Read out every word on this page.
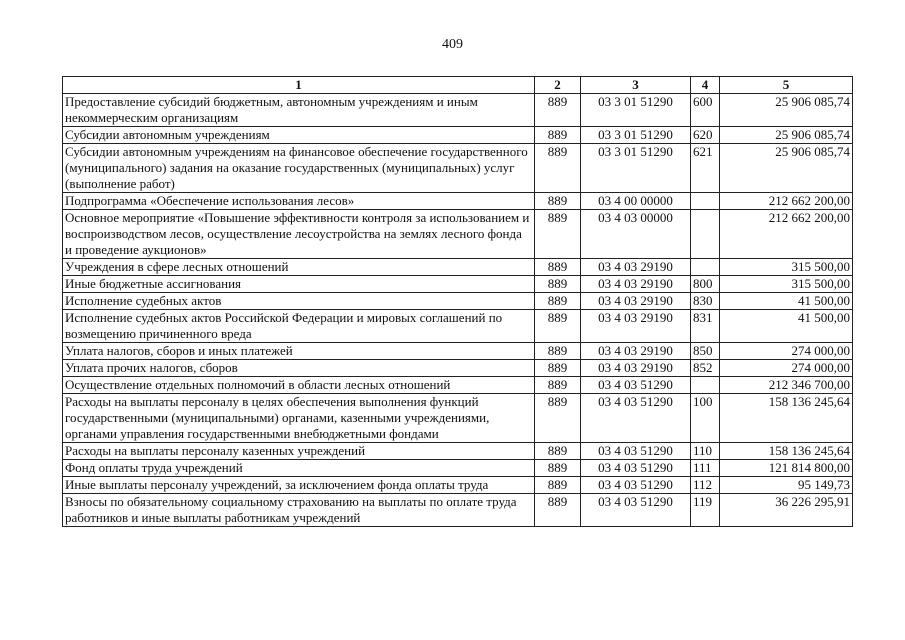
409
1	2	3	4	5
Предоставление субсидий бюджетным, автономным учреждениям и иным некоммерческим организациям	889	03 3 01 51290	600	25 906 085,74
Субсидии автономным учреждениям	889	03 3 01 51290	620	25 906 085,74
Субсидии автономным учреждениям на финансовое обеспечение государственного (муниципального) задания на оказание государственных (муниципальных) услуг (выполнение работ)	889	03 3 01 51290	621	25 906 085,74
Подпрограмма «Обеспечение использования лесов»	889	03 4 00 00000		212 662 200,00
Основное мероприятие «Повышение эффективности контроля за использованием и воспроизводством лесов, осуществление лесоустройства на землях лесного фонда и проведение аукционов»	889	03 4 03 00000		212 662 200,00
Учреждения в сфере лесных отношений	889	03 4 03 29190		315 500,00
Иные бюджетные ассигнования	889	03 4 03 29190	800	315 500,00
Исполнение судебных актов	889	03 4 03 29190	830	41 500,00
Исполнение судебных актов Российской Федерации и мировых соглашений по возмещению причиненного вреда	889	03 4 03 29190	831	41 500,00
Уплата налогов, сборов и иных платежей	889	03 4 03 29190	850	274 000,00
Уплата прочих налогов, сборов	889	03 4 03 29190	852	274 000,00
Осуществление отдельных полномочий в области лесных отношений	889	03 4 03 51290		212 346 700,00
Расходы на выплаты персоналу в целях обеспечения выполнения функций государственными (муниципальными) органами, казенными учреждениями, органами управления государственными внебюджетными фондами	889	03 4 03 51290	100	158 136 245,64
Расходы на выплаты персоналу казенных учреждений	889	03 4 03 51290	110	158 136 245,64
Фонд оплаты труда учреждений	889	03 4 03 51290	111	121 814 800,00
Иные выплаты персоналу учреждений, за исключением фонда оплаты труда	889	03 4 03 51290	112	95 149,73
Взносы по обязательному социальному страхованию на выплаты по оплате труда работников и иные выплаты работникам учреждений	889	03 4 03 51290	119	36 226 295,91
